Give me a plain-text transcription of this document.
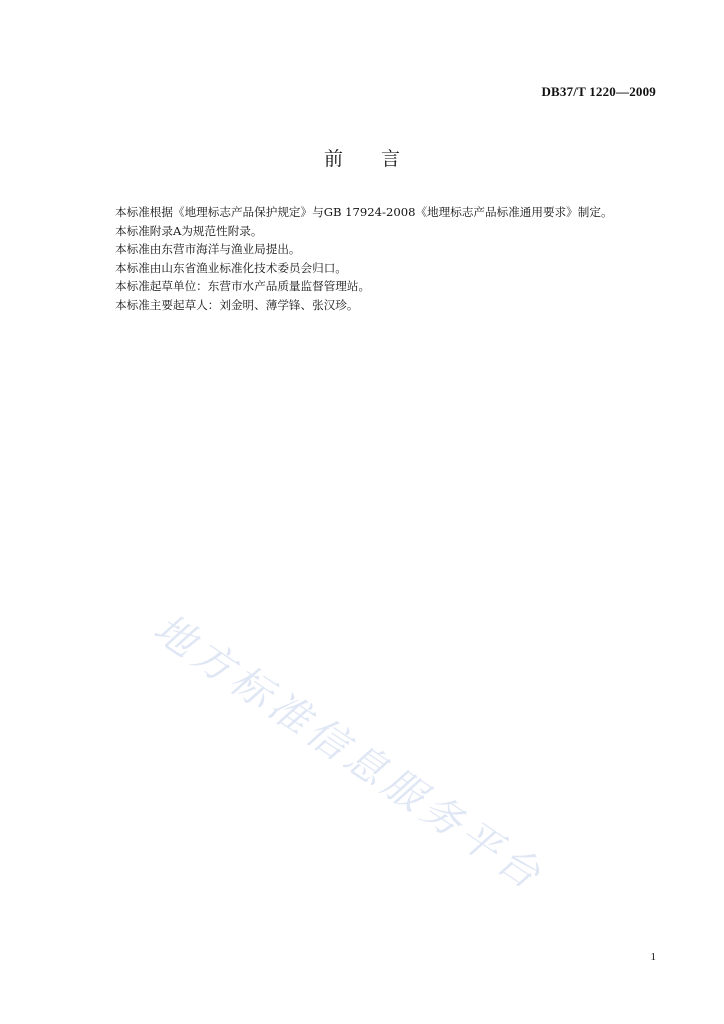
DB37/T 1220—2009
前　　言
本标准根据《地理标志产品保护规定》与GB 17924-2008《地理标志产品标准通用要求》制定。
本标准附录A为规范性附录。
本标准由东营市海洋与渔业局提出。
本标准由山东省渔业标准化技术委员会归口。
本标准起草单位：东营市水产品质量监督管理站。
本标准主要起草人：刘金明、薄学锋、张汉珍。
地方标准信息服务平台
1
